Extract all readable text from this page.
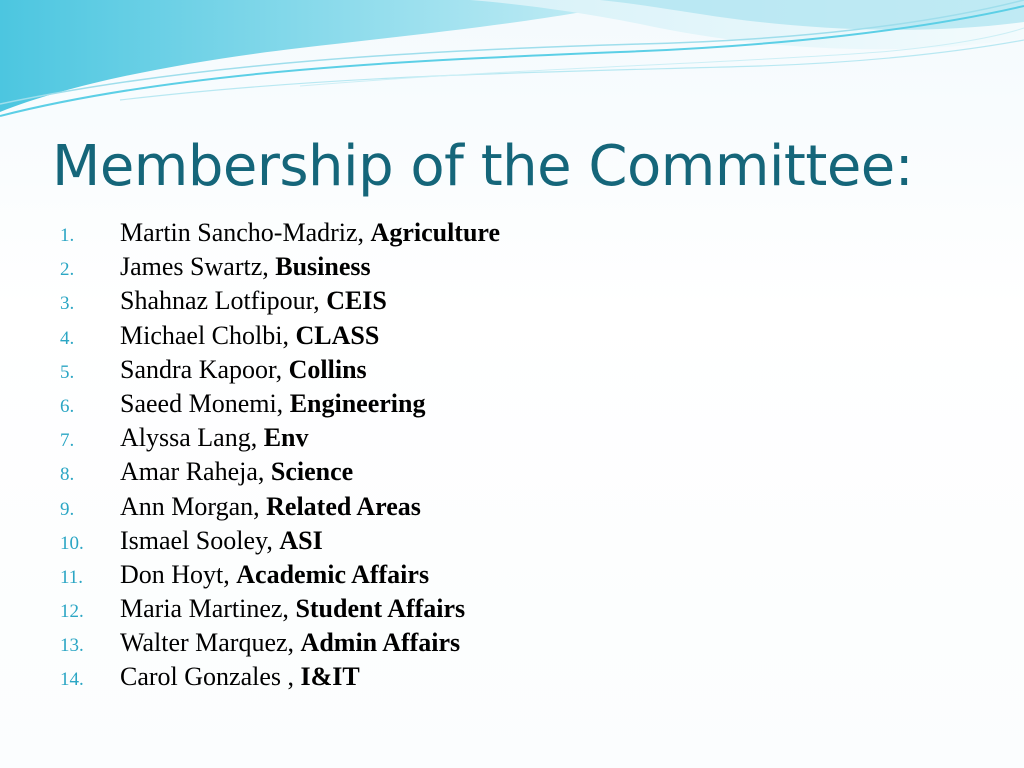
Membership of the Committee:
1. Martin Sancho-Madriz, Agriculture
2. James Swartz, Business
3. Shahnaz Lotfipour, CEIS
4. Michael Cholbi, CLASS
5. Sandra Kapoor, Collins
6. Saeed Monemi, Engineering
7. Alyssa Lang, Env
8. Amar Raheja, Science
9. Ann Morgan, Related Areas
10. Ismael Sooley, ASI
11. Don Hoyt, Academic Affairs
12. Maria Martinez, Student Affairs
13. Walter Marquez, Admin Affairs
14. Carol Gonzales , I&IT
